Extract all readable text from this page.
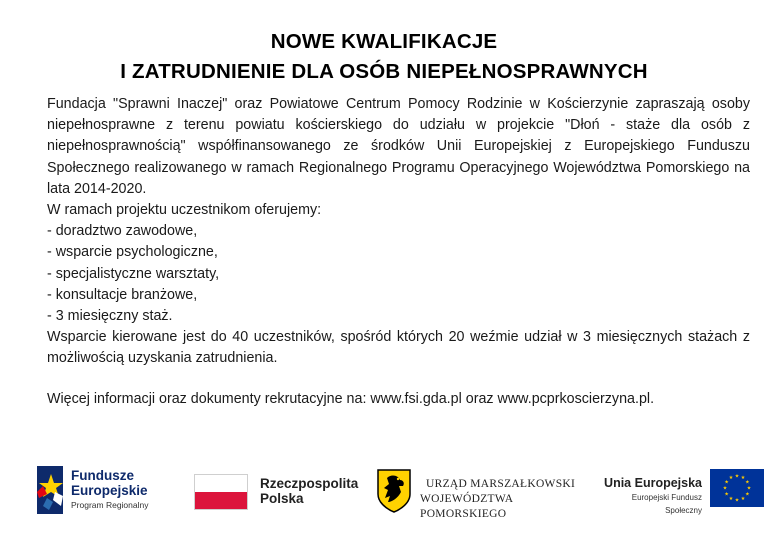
NOWE KWALIFIKACJE
I ZATRUDNIENIE DLA OSÓB NIEPEŁNOSPRAWNYCH

Fundacja "Sprawni Inaczej" oraz Powiatowe Centrum Pomocy Rodzinie w Kościerzynie zapraszają osoby niepełnosprawne z terenu powiatu kościerskiego do udziału w projekcie "Dłoń - staże dla osób z niepełnosprawnością" współfinansowanego ze środków Unii Europejskiej z Europejskiego Funduszu Społecznego realizowanego w ramach Regionalnego Programu Operacyjnego Województwa Pomorskiego na lata 2014-2020.

W ramach projektu uczestnikom oferujemy:

- doradztwo zawodowe,
- wsparcie psychologiczne,
- specjalistyczne warsztaty,
- konsultacje branżowe,
- 3 miesięczny staż.

Wsparcie kierowane jest do 40 uczestników, spośród których 20 weźmie udział w 3 miesięcznych stażach z możliwością uzyskania zatrudnienia.

Więcej informacji oraz dokumenty rekrutacyjne na: www.fsi.gda.pl oraz www.pcprkoscierzyna.pl.

Fundusze
Europejskie
Program Regionalny
Rzeczpospolita
Polska
URZĄD MARSZAŁKOWSKI
WOJEWÓDZTWA POMORSKIEGO
Unia Europejska
Europejski Fundusz Społeczny
★ ★
★
★
★
★
★
★
★
★
★
★
